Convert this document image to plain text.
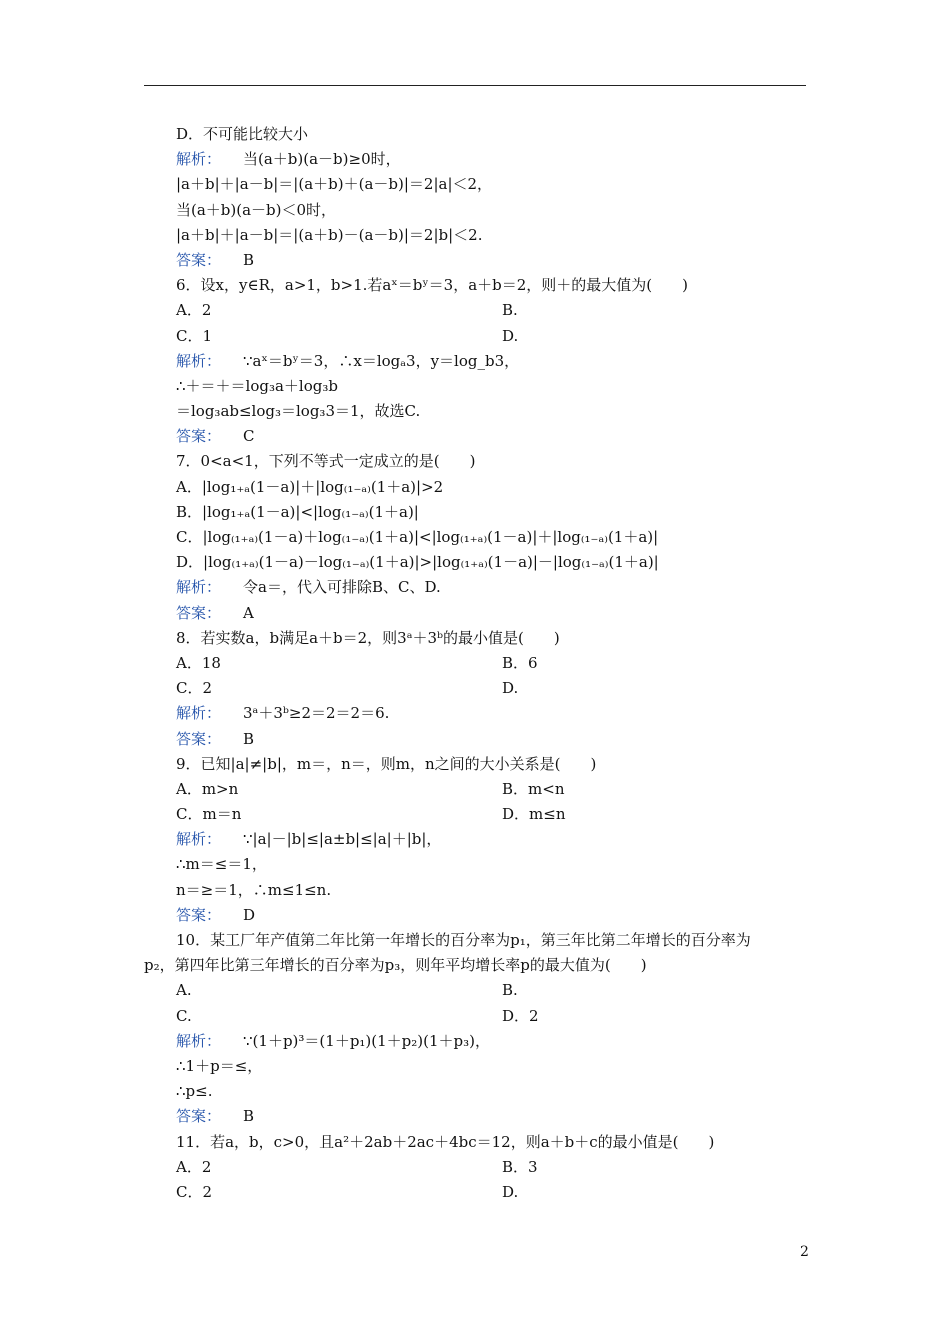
D．不可能比较大小
解析： 当(a＋b)(a－b)≥0时，
|a＋b|＋|a－b|＝|(a＋b)＋(a－b)|＝2|a|＜2，
当(a＋b)(a－b)＜0时，
|a＋b|＋|a－b|＝|(a＋b)－(a－b)|＝2|b|＜2.
答案： B
6．设x，y∈R，a>1，b>1.若aˣ＝bʸ＝3，a＋b＝2，则＋的最大值为(　　)
A．2	B.
C．1	D.
解析： ∵aˣ＝bʸ＝3，∴x＝logₐ3，y＝log_b3，
∴＋＝＋＝log₃a＋log₃b
＝log₃ab≤log₃＝log₃3＝1，故选C.
答案： C
7．0<a<1，下列不等式一定成立的是(　　)
A．|log₁₊ₐ(1－a)|＋|log₍₁₋ₐ₎(1＋a)|>2
B．|log₁₊ₐ(1－a)|<|log₍₁₋ₐ₎(1＋a)|
C．|log₍₁₊ₐ₎(1－a)＋log₍₁₋ₐ₎(1＋a)|<|log₍₁₊ₐ₎(1－a)|＋|log₍₁₋ₐ₎(1＋a)|
D．|log₍₁₊ₐ₎(1－a)－log₍₁₋ₐ₎(1＋a)|>|log₍₁₊ₐ₎(1－a)|－|log₍₁₋ₐ₎(1＋a)|
解析： 令a＝，代入可排除B、C、D.
答案： A
8．若实数a，b满足a＋b＝2，则3ᵃ＋3ᵇ的最小值是(　　)
A．18	B．6
C．2	D.
解析： 3ᵃ＋3ᵇ≥2＝2＝2＝6.
答案： B
9．已知|a|≠|b|，m＝，n＝，则m，n之间的大小关系是(　　)
A．m>n	B．m<n
C．m＝n	D．m≤n
解析： ∵|a|－|b|≤|a±b|≤|a|＋|b|，
∴m＝≤＝1，
n＝≥＝1，∴m≤1≤n.
答案： D
10．某工厂年产值第二年比第一年增长的百分率为p₁，第三年比第二年增长的百分率为
p₂，第四年比第三年增长的百分率为p₃，则年平均增长率p的最大值为(　　)
A.	B.
C.	D．2
解析： ∵(1＋p)³＝(1＋p₁)(1＋p₂)(1＋p₃)，
∴1＋p＝≤，
∴p≤.
答案： B
11．若a，b，c>0，且a²＋2ab＋2ac＋4bc＝12，则a＋b＋c的最小值是(　　)
A．2	B．3
C．2	D.
2
